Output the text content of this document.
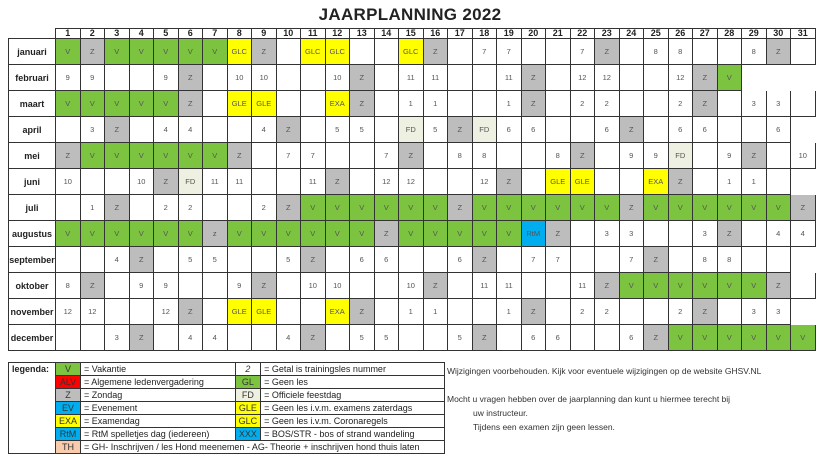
JAARPLANNING 2022
	1	2	3	4	5	6	7	8	9	10	11	12	13	14	15	16	17	18	19	20	21	22	23	24	25	26	27	28	29	30	31
januari	V	Z	V	V	V	V	V	GLC	Z		GLC	GLC			GLC	Z		7	7			7	Z		8	8			8	Z	
februari	9	9			9	Z		10	10			10	Z		11	11			11	Z		12	12			12	Z	V			
maart	V	V	V	V	V	Z		GLE	GLE			EXA	Z		1	1			1	Z		2	2			2	Z		3	3	
april		3	Z		4	4			4	Z		5	5		FD	5	Z	FD	6	6			6	Z		6	6			6	
mei	Z	V	V	V	V	V	V	Z		7	7			7	Z		8	8			8	Z		9	9	FD		9	Z		10
juni	10			10	Z	FD	11	11			11	Z		12	12			12	Z		GLE	GLE			EXA	Z		1	1		
juli		1	Z		2	2			2	Z	V	V	V	V	V	V	Z	V	V	V	V	V	V	Z	V	V	V	V	V	V	Z
augustus	V	V	V	V	V	V	z	V	V	V	V	V	V	Z	V	V	V	V	V	RtM	Z		3	3			3	Z		4	4
september			4	Z		5	5			5	Z		6	6			6	Z		7	7			7	Z		8	8			
oktober	8	Z		9	9			9	Z		10	10			10	Z		11	11			11	Z	V	V	V	V	V	V	Z	
november	12	12			12	Z		GLE	GLE			EXA	Z		1	1			1	Z		2	2			2	Z		3	3	
december			3	Z		4	4			4	Z		5	5			5	Z		6	6			6	Z	V	V	V	V	V	V
legenda:	V	= Vakantie	2	= Getal is trainingsles nummer
	ALV	= Algemene ledenvergadering	GL	= Geen les
	Z	= Zondag	FD	= Officiele feestdag
	EV	= Evenement	GLE	= Geen les i.v.m. examens zaterdags
	EXA	= Examendag	GLC	= Geen les i.v.m. Coronaregels
	RtM	= RtM spelletjes dag (iedereen)	XXX	= BOS/STR - bos of strand wandeling
	TH	= GH- Inschrijven / les Hond meenemen - AG- Theorie + inschrijven hond thuis laten		
Wijzigingen voorbehouden. Kijk voor eventuele wijzigingen op de website GHSV.NL

Mocht u vragen hebben over de jaarplanning dan kunt u hiermee terecht bij
uw instructeur.
Tijdens een examen zijn geen lessen.
